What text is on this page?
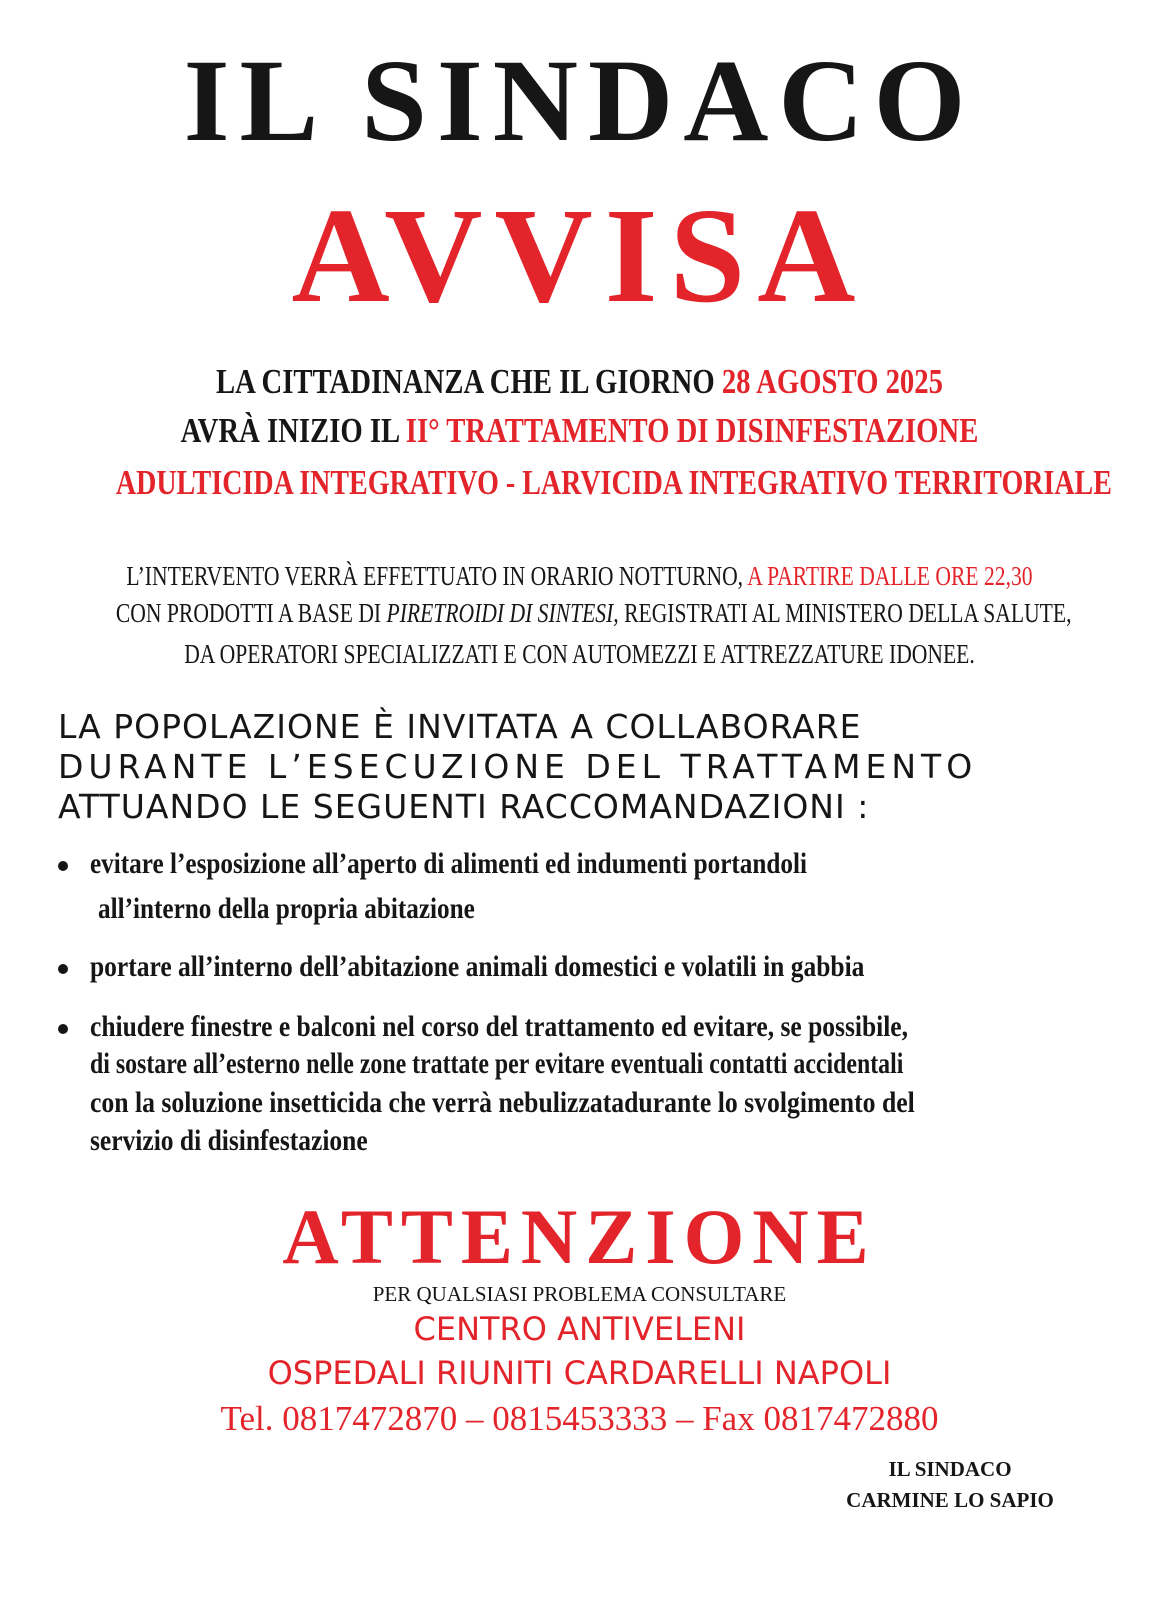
IL SINDACO
AVVISA
LA CITTADINANZA CHE IL GIORNO 28 AGOSTO 2025
AVRÀ INIZIO IL II° TRATTAMENTO DI DISINFESTAZIONE
ADULTICIDA INTEGRATIVO - LARVICIDA INTEGRATIVO TERRITORIALE
L’INTERVENTO VERRÀ EFFETTUATO IN ORARIO NOTTURNO, A PARTIRE DALLE ORE 22,30
CON PRODOTTI A BASE DI PIRETROIDI DI SINTESI, REGISTRATI AL MINISTERO DELLA SALUTE,
DA OPERATORI SPECIALIZZATI E CON AUTOMEZZI E ATTREZZATURE IDONEE.
LA POPOLAZIONE È INVITATA A COLLABORARE
DURANTE L’ESECUZIONE DEL TRATTAMENTO
ATTUANDO LE SEGUENTI RACCOMANDAZIONI :
evitare l’esposizione all’aperto di alimenti ed indumenti portandoli
all’interno della propria abitazione
portare all’interno dell’abitazione animali domestici e volatili in gabbia
chiudere finestre e balconi nel corso del trattamento ed evitare, se possibile,
di sostare all’esterno nelle zone trattate per evitare eventuali contatti accidentali
con la soluzione insetticida che verrà nebulizzatadurante lo svolgimento del
servizio di disinfestazione
ATTENZIONE
PER QUALSIASI PROBLEMA CONSULTARE
CENTRO ANTIVELENI
OSPEDALI RIUNITI CARDARELLI NAPOLI
Tel. 0817472870 – 0815453333 – Fax 0817472880
IL SINDACO
CARMINE LO SAPIO
